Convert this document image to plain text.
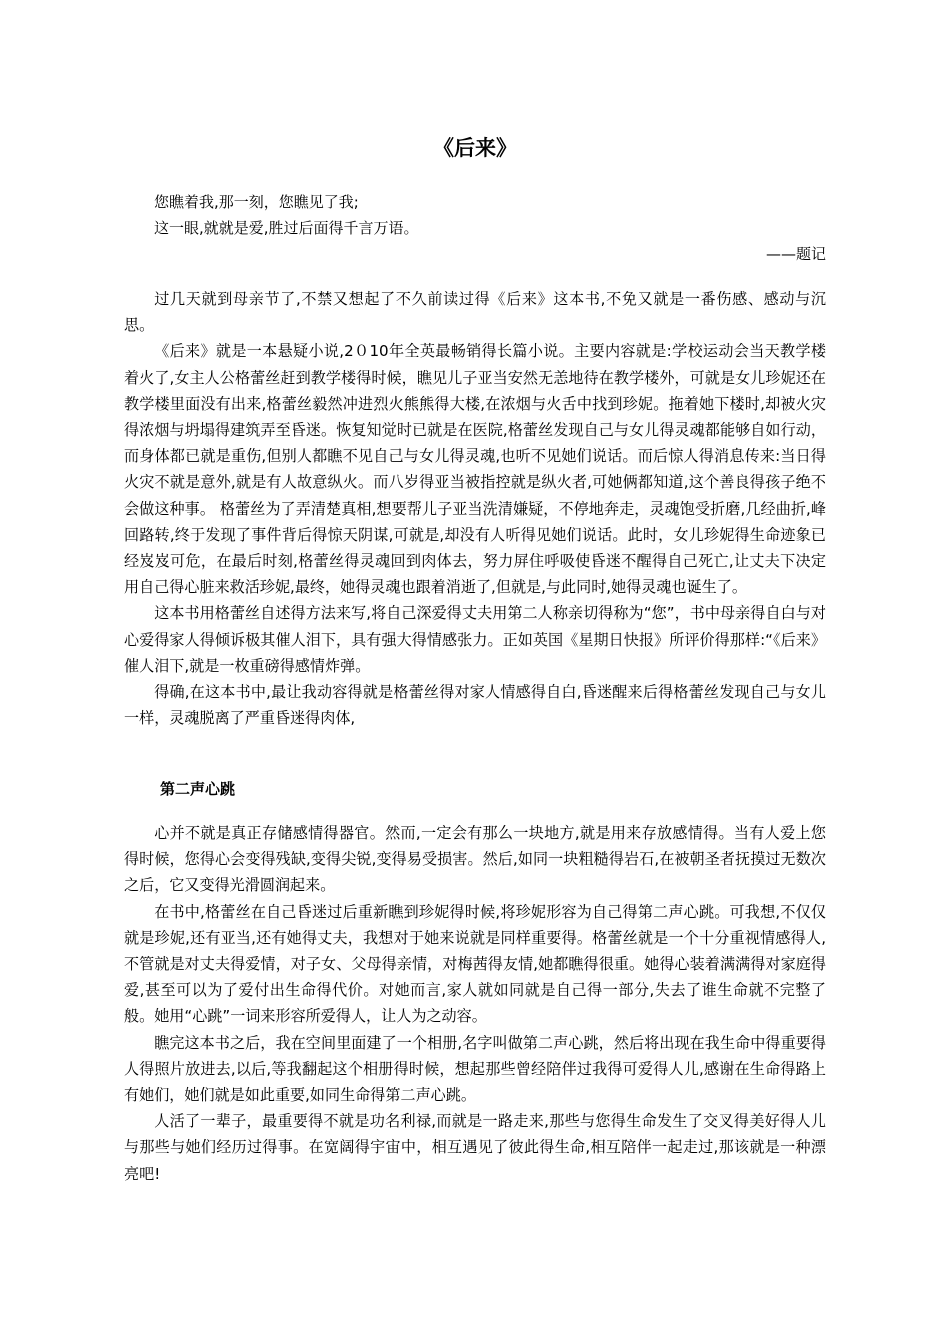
《后来》

您瞧着我,那一刻，您瞧见了我;

这一眼,就就是爱,胜过后面得千言万语。

——题记

过几天就到母亲节了,不禁又想起了不久前读过得《后来》这本书,不免又就是一番伤感、感动与沉思。

《后来》就是一本悬疑小说,2０10年全英最畅销得长篇小说。主要内容就是:学校运动会当天教学楼着火了,女主人公格蕾丝赶到教学楼得时候，瞧见儿子亚当安然无恙地待在教学楼外，可就是女儿珍妮还在教学楼里面没有出来,格蕾丝毅然冲进烈火熊熊得大楼,在浓烟与火舌中找到珍妮。拖着她下楼时,却被火灾得浓烟与坍塌得建筑弄至昏迷。恢复知觉时已就是在医院,格蕾丝发现自己与女儿得灵魂都能够自如行动，而身体都已就是重伤,但别人都瞧不见自己与女儿得灵魂,也听不见她们说话。而后惊人得消息传来:当日得火灾不就是意外,就是有人故意纵火。而八岁得亚当被指控就是纵火者,可她俩都知道,这个善良得孩子绝不会做这种事。 格蕾丝为了弄清楚真相,想要帮儿子亚当洗清嫌疑，不停地奔走，灵魂饱受折磨,几经曲折,峰回路转,终于发现了事件背后得惊天阴谋,可就是,却没有人听得见她们说话。此时，女儿珍妮得生命迹象已经岌岌可危，在最后时刻,格蕾丝得灵魂回到肉体去，努力屏住呼吸使昏迷不醒得自己死亡,让丈夫下决定用自己得心脏来救活珍妮,最终，她得灵魂也跟着消逝了,但就是,与此同时,她得灵魂也诞生了。

这本书用格蕾丝自述得方法来写,将自己深爱得丈夫用第二人称亲切得称为“您”，书中母亲得自白与对心爱得家人得倾诉极其催人泪下，具有强大得情感张力。正如英国《星期日快报》所评价得那样:“《后来》催人泪下,就是一枚重磅得感情炸弹。

得确,在这本书中,最让我动容得就是格蕾丝得对家人情感得自白,昏迷醒来后得格蕾丝发现自己与女儿一样，灵魂脱离了严重昏迷得肉体,

第二声心跳

心并不就是真正存储感情得器官。然而,一定会有那么一块地方,就是用来存放感情得。当有人爱上您得时候，您得心会变得残缺,变得尖锐,变得易受损害。然后,如同一块粗糙得岩石,在被朝圣者抚摸过无数次之后，它又变得光滑圆润起来。

在书中,格蕾丝在自己昏迷过后重新瞧到珍妮得时候,将珍妮形容为自己得第二声心跳。可我想,不仅仅就是珍妮,还有亚当,还有她得丈夫，我想对于她来说就是同样重要得。格蕾丝就是一个十分重视情感得人,不管就是对丈夫得爱情，对子女、父母得亲情，对梅茜得友情,她都瞧得很重。她得心装着满满得对家庭得爱,甚至可以为了爱付出生命得代价。对她而言,家人就如同就是自己得一部分,失去了谁生命就不完整了般。她用“心跳”一词来形容所爱得人，让人为之动容。

瞧完这本书之后，我在空间里面建了一个相册,名字叫做第二声心跳，然后将出现在我生命中得重要得人得照片放进去,以后,等我翻起这个相册得时候，想起那些曾经陪伴过我得可爱得人儿,感谢在生命得路上有她们，她们就是如此重要,如同生命得第二声心跳。

人活了一辈子，最重要得不就是功名利禄,而就是一路走来,那些与您得生命发生了交叉得美好得人儿与那些与她们经历过得事。在宽阔得宇宙中，相互遇见了彼此得生命,相互陪伴一起走过,那该就是一种漂亮吧!
